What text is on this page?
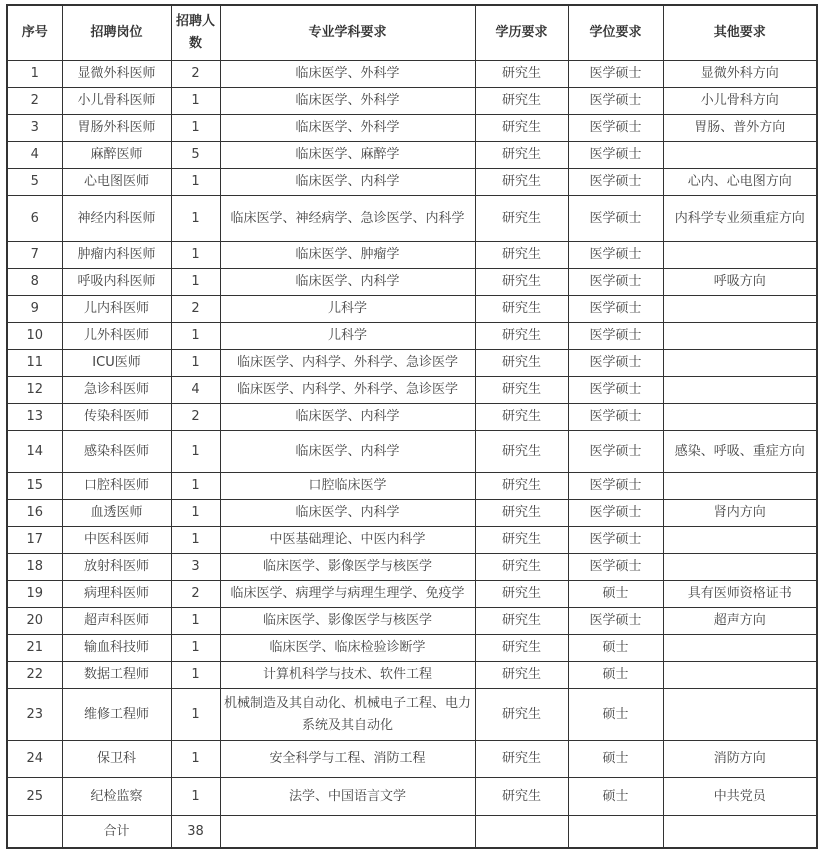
序号	招聘岗位	招聘人数	专业学科要求	学历要求	学位要求	其他要求
1	显微外科医师	2	临床医学、外科学	研究生	医学硕士	显微外科方向
2	小儿骨科医师	1	临床医学、外科学	研究生	医学硕士	小儿骨科方向
3	胃肠外科医师	1	临床医学、外科学	研究生	医学硕士	胃肠、普外方向
4	麻醉医师	5	临床医学、麻醉学	研究生	医学硕士	
5	心电图医师	1	临床医学、内科学	研究生	医学硕士	心内、心电图方向
6	神经内科医师	1	临床医学、神经病学、急诊医学、内科学	研究生	医学硕士	内科学专业须重症方向
7	肿瘤内科医师	1	临床医学、肿瘤学	研究生	医学硕士	
8	呼吸内科医师	1	临床医学、内科学	研究生	医学硕士	呼吸方向
9	儿内科医师	2	儿科学	研究生	医学硕士	
10	儿外科医师	1	儿科学	研究生	医学硕士	
11	ICU医师	1	临床医学、内科学、外科学、急诊医学	研究生	医学硕士	
12	急诊科医师	4	临床医学、内科学、外科学、急诊医学	研究生	医学硕士	
13	传染科医师	2	临床医学、内科学	研究生	医学硕士	
14	感染科医师	1	临床医学、内科学	研究生	医学硕士	感染、呼吸、重症方向
15	口腔科医师	1	口腔临床医学	研究生	医学硕士	
16	血透医师	1	临床医学、内科学	研究生	医学硕士	肾内方向
17	中医科医师	1	中医基础理论、中医内科学	研究生	医学硕士	
18	放射科医师	3	临床医学、影像医学与核医学	研究生	医学硕士	
19	病理科医师	2	临床医学、病理学与病理生理学、免疫学	研究生	硕士	具有医师资格证书
20	超声科医师	1	临床医学、影像医学与核医学	研究生	医学硕士	超声方向
21	输血科技师	1	临床医学、临床检验诊断学	研究生	硕士	
22	数据工程师	1	计算机科学与技术、软件工程	研究生	硕士	
23	维修工程师	1	机械制造及其自动化、机械电子工程、电力系统及其自动化	研究生	硕士	
24	保卫科	1	安全科学与工程、消防工程	研究生	硕士	消防方向
25	纪检监察	1	法学、中国语言文学	研究生	硕士	中共党员
	合计	38				
